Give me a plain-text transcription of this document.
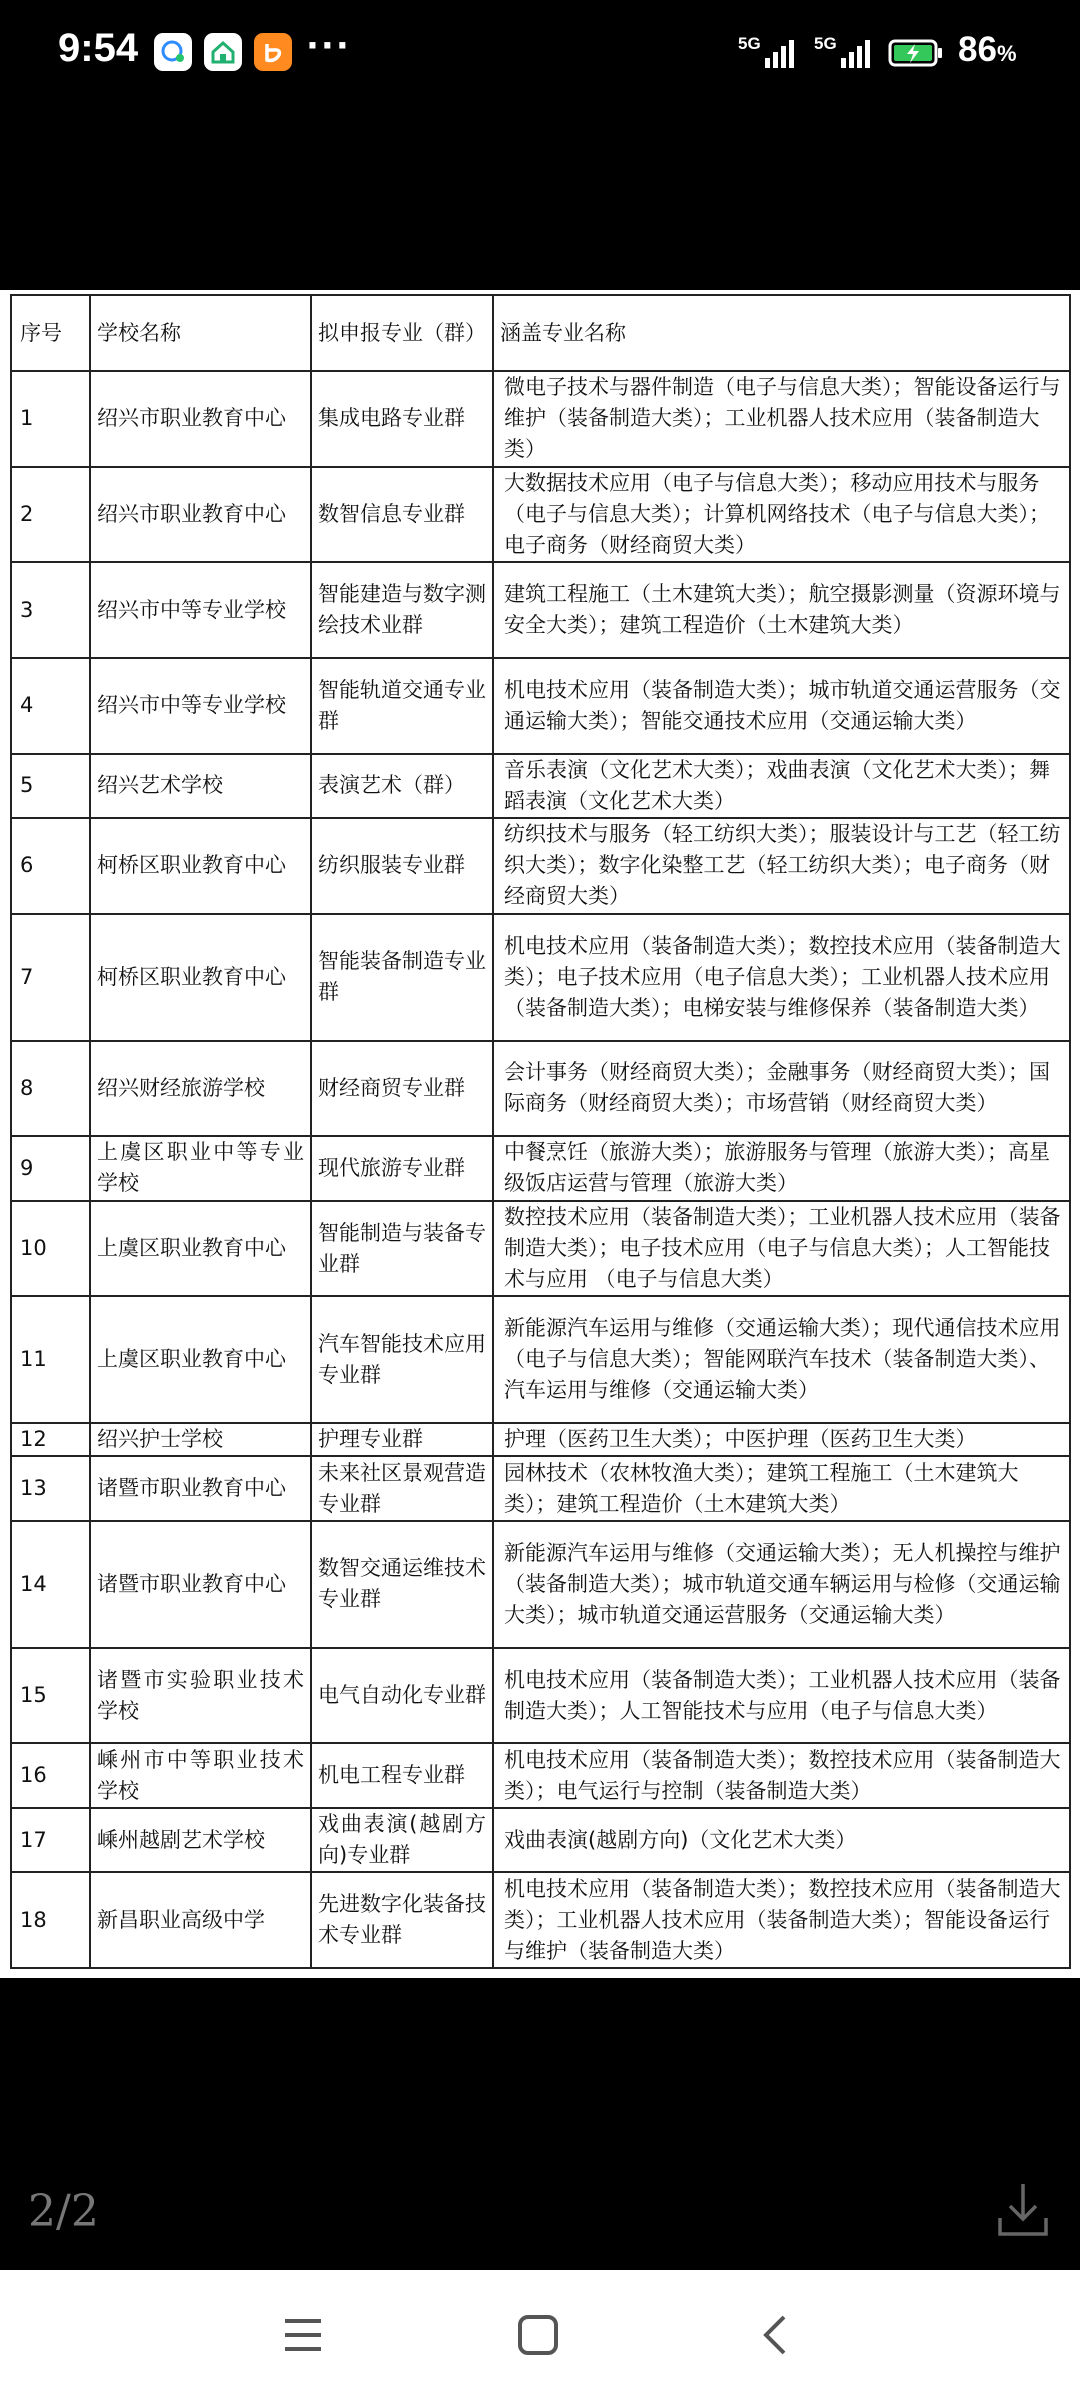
9:54	···	5G	5G	86%
序号	学校名称	拟申报专业（群）	涵盖专业名称
1	绍兴市职业教育中心	集成电路专业群	微电子技术与器件制造（电子与信息大类）；智能设备运行与维护（装备制造大类）；工业机器人技术应用（装备制造大类）
2	绍兴市职业教育中心	数智信息专业群	大数据技术应用（电子与信息大类）；移动应用技术与服务（电子与信息大类）；计算机网络技术（电子与信息大类）；电子商务（财经商贸大类）
3	绍兴市中等专业学校	智能建造与数字测绘技术业群	建筑工程施工（土木建筑大类）；航空摄影测量（资源环境与安全大类）；建筑工程造价（土木建筑大类）
4	绍兴市中等专业学校	智能轨道交通专业群	机电技术应用（装备制造大类）；城市轨道交通运营服务（交通运输大类）；智能交通技术应用（交通运输大类）
5	绍兴艺术学校	表演艺术（群）	音乐表演（文化艺术大类）；戏曲表演（文化艺术大类）；舞蹈表演（文化艺术大类）
6	柯桥区职业教育中心	纺织服装专业群	纺织技术与服务（轻工纺织大类）；服装设计与工艺（轻工纺织大类）；数字化染整工艺（轻工纺织大类）；电子商务（财经商贸大类）
7	柯桥区职业教育中心	智能装备制造专业群	机电技术应用（装备制造大类）；数控技术应用（装备制造大类）；电子技术应用（电子信息大类）；工业机器人技术应用（装备制造大类）；电梯安装与维修保养（装备制造大类）
8	绍兴财经旅游学校	财经商贸专业群	会计事务（财经商贸大类）；金融事务（财经商贸大类）；国际商务（财经商贸大类）；市场营销（财经商贸大类）
9	上虞区职业中等专业学校	现代旅游专业群	中餐烹饪（旅游大类）；旅游服务与管理（旅游大类）；高星级饭店运营与管理（旅游大类）
10	上虞区职业教育中心	智能制造与装备专业群	数控技术应用（装备制造大类）；工业机器人技术应用（装备制造大类）；电子技术应用（电子与信息大类）；人工智能技术与应用 （电子与信息大类）
11	上虞区职业教育中心	汽车智能技术应用专业群	新能源汽车运用与维修（交通运输大类）；现代通信技术应用（电子与信息大类）；智能网联汽车技术（装备制造大类）、汽车运用与维修（交通运输大类）
12	绍兴护士学校	护理专业群	护理（医药卫生大类）；中医护理（医药卫生大类）
13	诸暨市职业教育中心	未来社区景观营造专业群	园林技术（农林牧渔大类）；建筑工程施工（土木建筑大类）；建筑工程造价（土木建筑大类）
14	诸暨市职业教育中心	数智交通运维技术专业群	新能源汽车运用与维修（交通运输大类）；无人机操控与维护（装备制造大类）；城市轨道交通车辆运用与检修（交通运输大类）；城市轨道交通运营服务（交通运输大类）
15	诸暨市实验职业技术学校	电气自动化专业群	机电技术应用（装备制造大类）；工业机器人技术应用（装备制造大类）；人工智能技术与应用（电子与信息大类）
16	嵊州市中等职业技术学校	机电工程专业群	机电技术应用（装备制造大类）；数控技术应用（装备制造大类）；电气运行与控制（装备制造大类）
17	嵊州越剧艺术学校	戏曲表演(越剧方向)专业群	戏曲表演(越剧方向)（文化艺术大类）
18	新昌职业高级中学	先进数字化装备技术专业群	机电技术应用（装备制造大类）；数控技术应用（装备制造大类）；工业机器人技术应用（装备制造大类）；智能设备运行与维护（装备制造大类）
2/2
